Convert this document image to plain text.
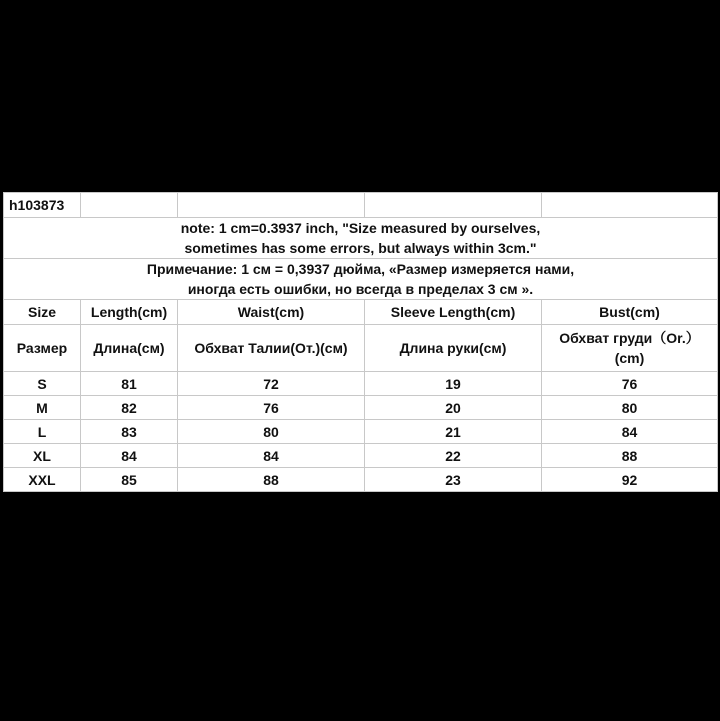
h103873				

note: 1 cm=0.3937 inch, "Size measured by ourselves,
sometimes has some errors, but always within 3cm."				

Примечание: 1 см = 0,3937 дюйма, «Размер измеряется нами,
иногда есть ошибки, но всегда в пределах 3 см ».				

Size	Length(cm)	Waist(cm)	Sleeve Length(cm)	Bust(cm)
Размер	Длина(см)	Обхват Талии(От.)(см)	Длина руки(см)	Обхват груди（Or.）
(cm)

S	81	72	19	76
M	82	76	20	80
L	83	80	21	84
XL	84	84	22	88
XXL	85	88	23	92
